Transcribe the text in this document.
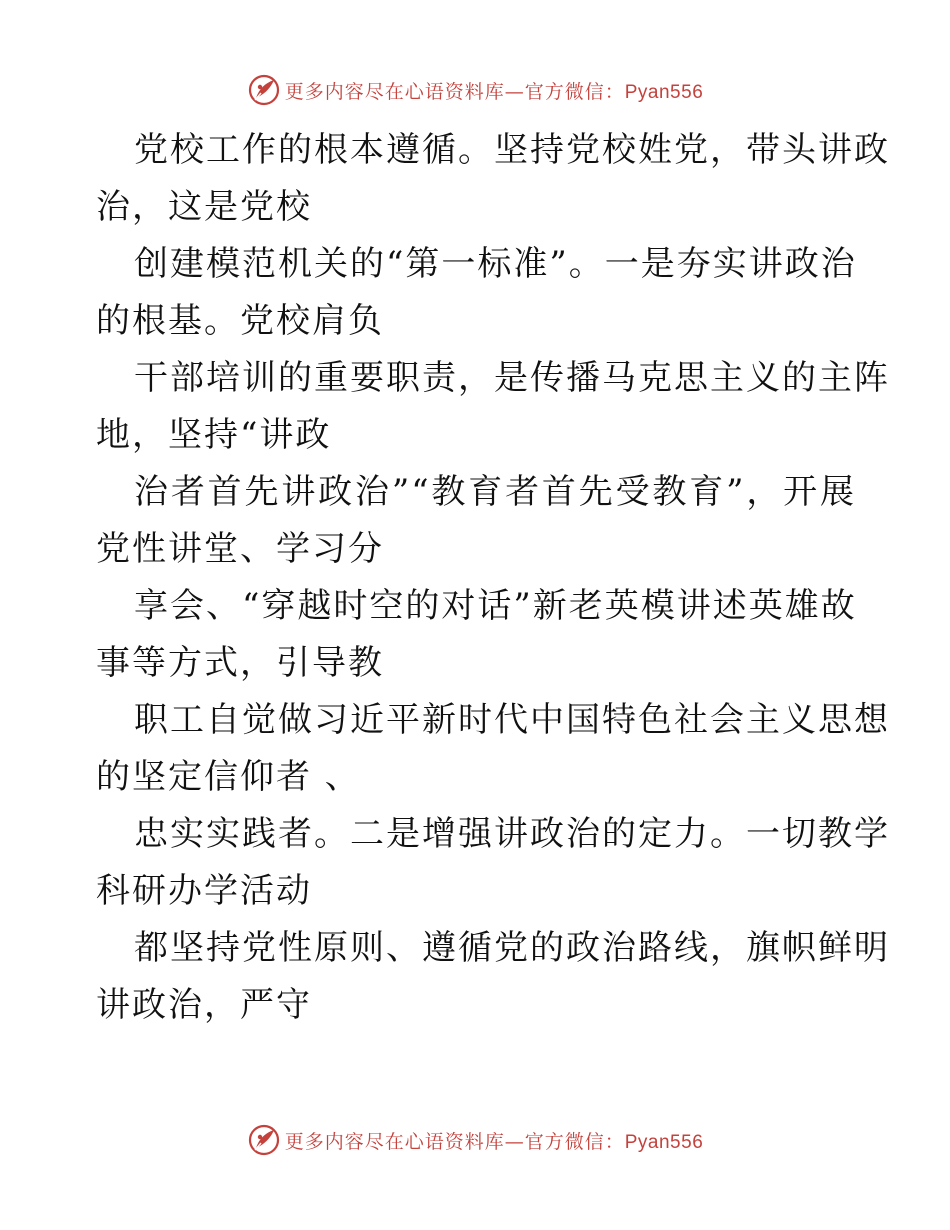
更多内容尽在心语资料库—官方微信：Pyan556

党校工作的根本遵循。坚持党校姓党，带头讲政
治，这是党校

创建模范机关的“第一标准”。一是夯实讲政治
的根基。党校肩负

干部培训的重要职责，是传播马克思主义的主阵
地，坚持“讲政

治者首先讲政治”“教育者首先受教育”，开展
党性讲堂、学习分

享会、“穿越时空的对话”新老英模讲述英雄故
事等方式，引导教

职工自觉做习近平新时代中国特色社会主义思想
的坚定信仰者 、

忠实实践者。二是增强讲政治的定力。一切教学
科研办学活动

都坚持党性原则、遵循党的政治路线，旗帜鲜明
讲政治，严守

更多内容尽在心语资料库—官方微信：Pyan556
